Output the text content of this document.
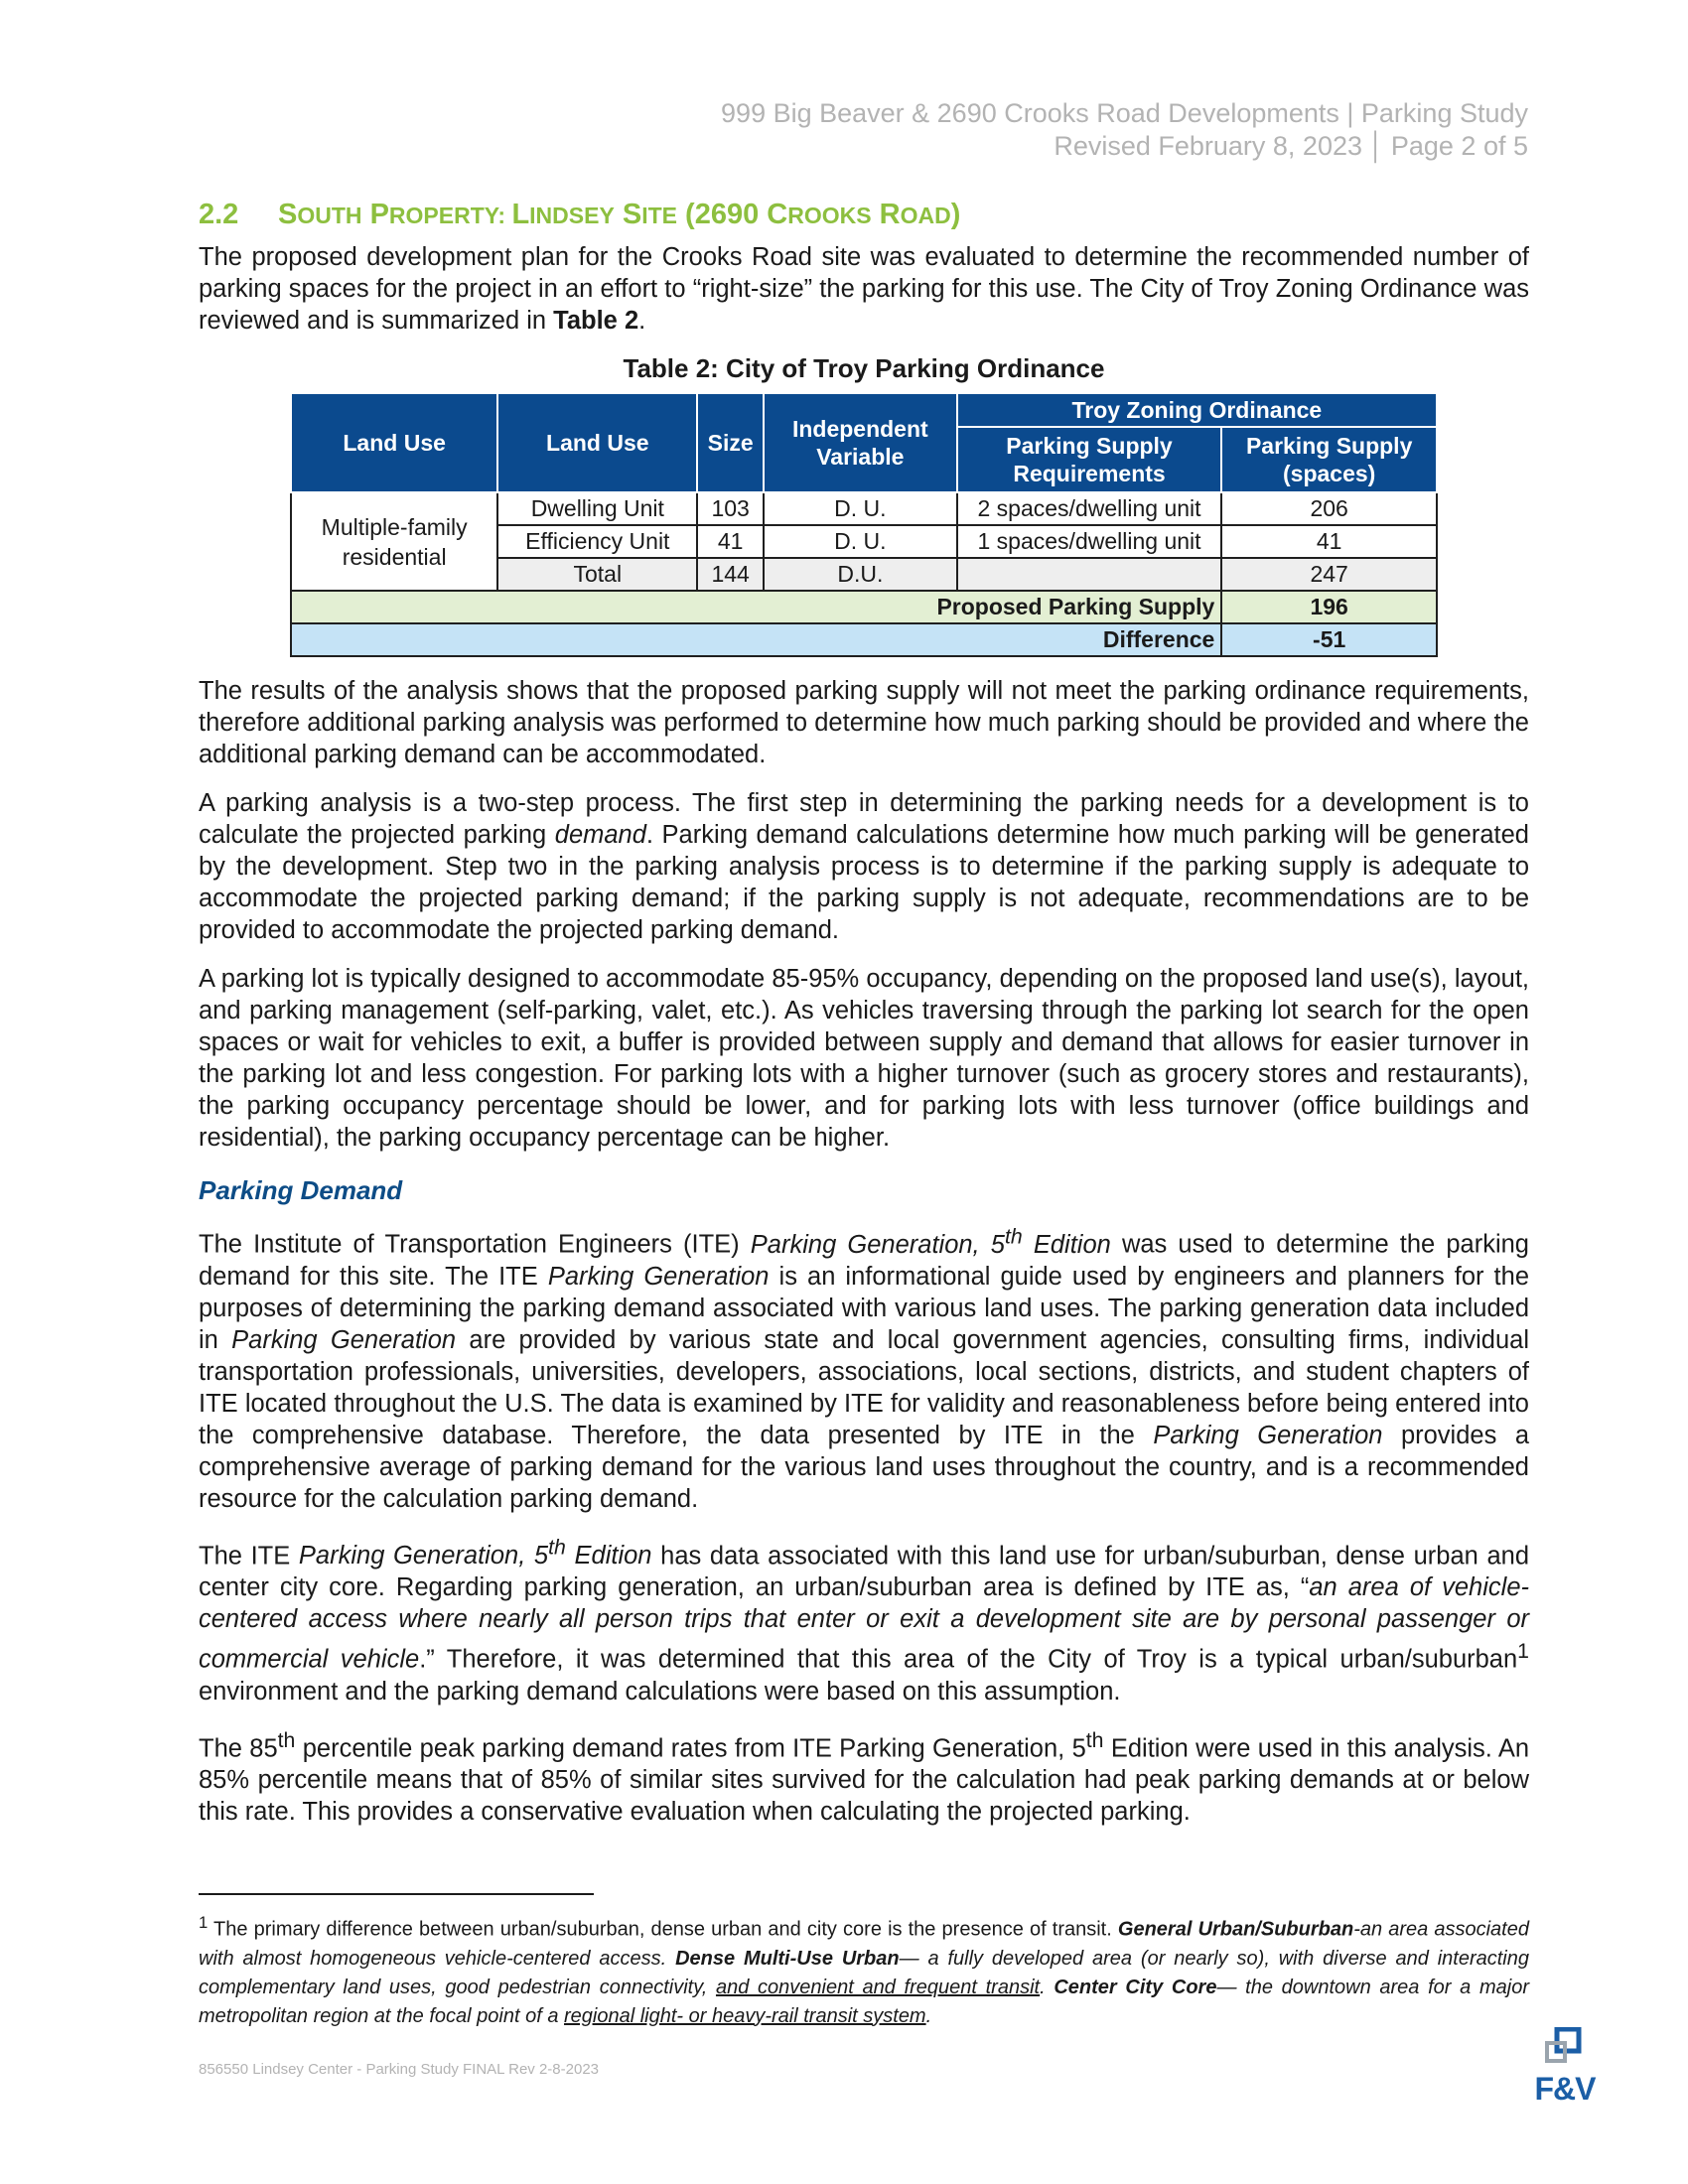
999 Big Beaver & 2690 Crooks Road Developments | Parking Study
Revised February 8, 2023 │ Page 2 of 5
2.2 SOUTH PROPERTY: LINDSEY SITE (2690 CROOKS ROAD)

The proposed development plan for the Crooks Road site was evaluated to determine the recommended number of parking spaces for the project in an effort to “right-size” the parking for this use. The City of Troy Zoning Ordinance was reviewed and is summarized in Table 2.

Table 2: City of Troy Parking Ordinance
Land Use	Land Use	Size	Independent Variable	Troy Zoning Ordinance	
				Parking Supply Requirements	Parking Supply (spaces)
Multiple-family residential	Dwelling Unit	103	D. U.	2 spaces/dwelling unit	206
	Efficiency Unit	41	D. U.	1 spaces/dwelling unit	41
	Total	144	D.U.		247
Proposed Parking Supply					196
Difference					-51

The results of the analysis shows that the proposed parking supply will not meet the parking ordinance requirements, therefore additional parking analysis was performed to determine how much parking should be provided and where the additional parking demand can be accommodated.

A parking analysis is a two-step process. The first step in determining the parking needs for a development is to calculate the projected parking demand. Parking demand calculations determine how much parking will be generated by the development. Step two in the parking analysis process is to determine if the parking supply is adequate to accommodate the projected parking demand; if the parking supply is not adequate, recommendations are to be provided to accommodate the projected parking demand.

A parking lot is typically designed to accommodate 85-95% occupancy, depending on the proposed land use(s), layout, and parking management (self-parking, valet, etc.). As vehicles traversing through the parking lot search for the open spaces or wait for vehicles to exit, a buffer is provided between supply and demand that allows for easier turnover in the parking lot and less congestion. For parking lots with a higher turnover (such as grocery stores and restaurants), the parking occupancy percentage should be lower, and for parking lots with less turnover (office buildings and residential), the parking occupancy percentage can be higher.

Parking Demand

The Institute of Transportation Engineers (ITE) Parking Generation, 5th Edition was used to determine the parking demand for this site. The ITE Parking Generation is an informational guide used by engineers and planners for the purposes of determining the parking demand associated with various land uses. The parking generation data included in Parking Generation are provided by various state and local government agencies, consulting firms, individual transportation professionals, universities, developers, associations, local sections, districts, and student chapters of ITE located throughout the U.S. The data is examined by ITE for validity and reasonableness before being entered into the comprehensive database. Therefore, the data presented by ITE in the Parking Generation provides a comprehensive average of parking demand for the various land uses throughout the country, and is a recommended resource for the calculation parking demand.

The ITE Parking Generation, 5th Edition has data associated with this land use for urban/suburban, dense urban and center city core. Regarding parking generation, an urban/suburban area is defined by ITE as, “an area of vehicle-centered access where nearly all person trips that enter or exit a development site are by personal passenger or commercial vehicle.” Therefore, it was determined that this area of the City of Troy is a typical urban/suburban$^1$ environment and the parking demand calculations were based on this assumption.

The 85th percentile peak parking demand rates from ITE Parking Generation, 5th Edition were used in this analysis. An 85% percentile means that of 85% of similar sites survived for the calculation had peak parking demands at or below this rate. This provides a conservative evaluation when calculating the projected parking.

$^1$ The primary difference between urban/suburban, dense urban and city core is the presence of transit. General Urban/Suburban-an area associated with almost homogeneous vehicle-centered access. Dense Multi-Use Urban— a fully developed area (or nearly so), with diverse and interacting complementary land uses, good pedestrian connectivity, and convenient and frequent transit. Center City Core— the downtown area for a major metropolitan region at the focal point of a regional light- or heavy-rail transit system.
856550 Lindsey Center - Parking Study FINAL Rev 2-8-2023
F&V
